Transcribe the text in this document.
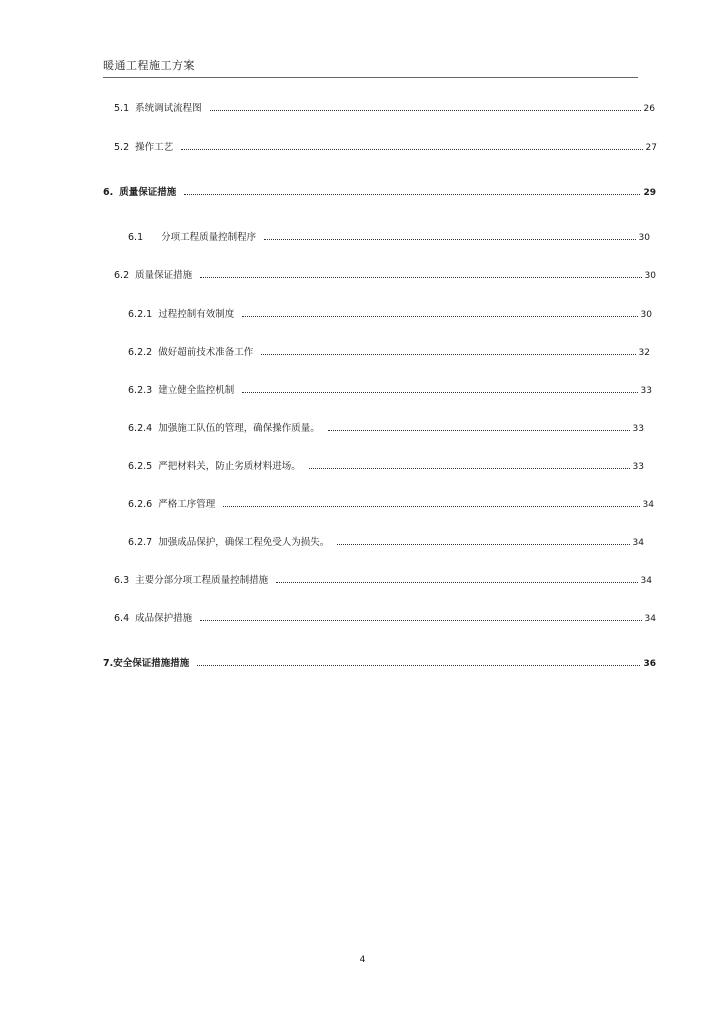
暖通工程施工方案
5.1 系统调试流程图	26
5.2 操作工艺	27
6. 质量保证措施	29
6.1 分项工程质量控制程序	30
6.2 质量保证措施	30
6.2.1 过程控制有效制度	30
6.2.2 做好超前技术准备工作	32
6.2.3 建立健全监控机制	33
6.2.4 加强施工队伍的管理，确保操作质量。	33
6.2.5 严把材料关，防止劣质材料进场。	33
6.2.6 严格工序管理	34
6.2.7 加强成品保护，确保工程免受人为损失。	34
6.3 主要分部分项工程质量控制措施	34
6.4 成品保护措施	34
7. 安全保证措施措施	36
4
